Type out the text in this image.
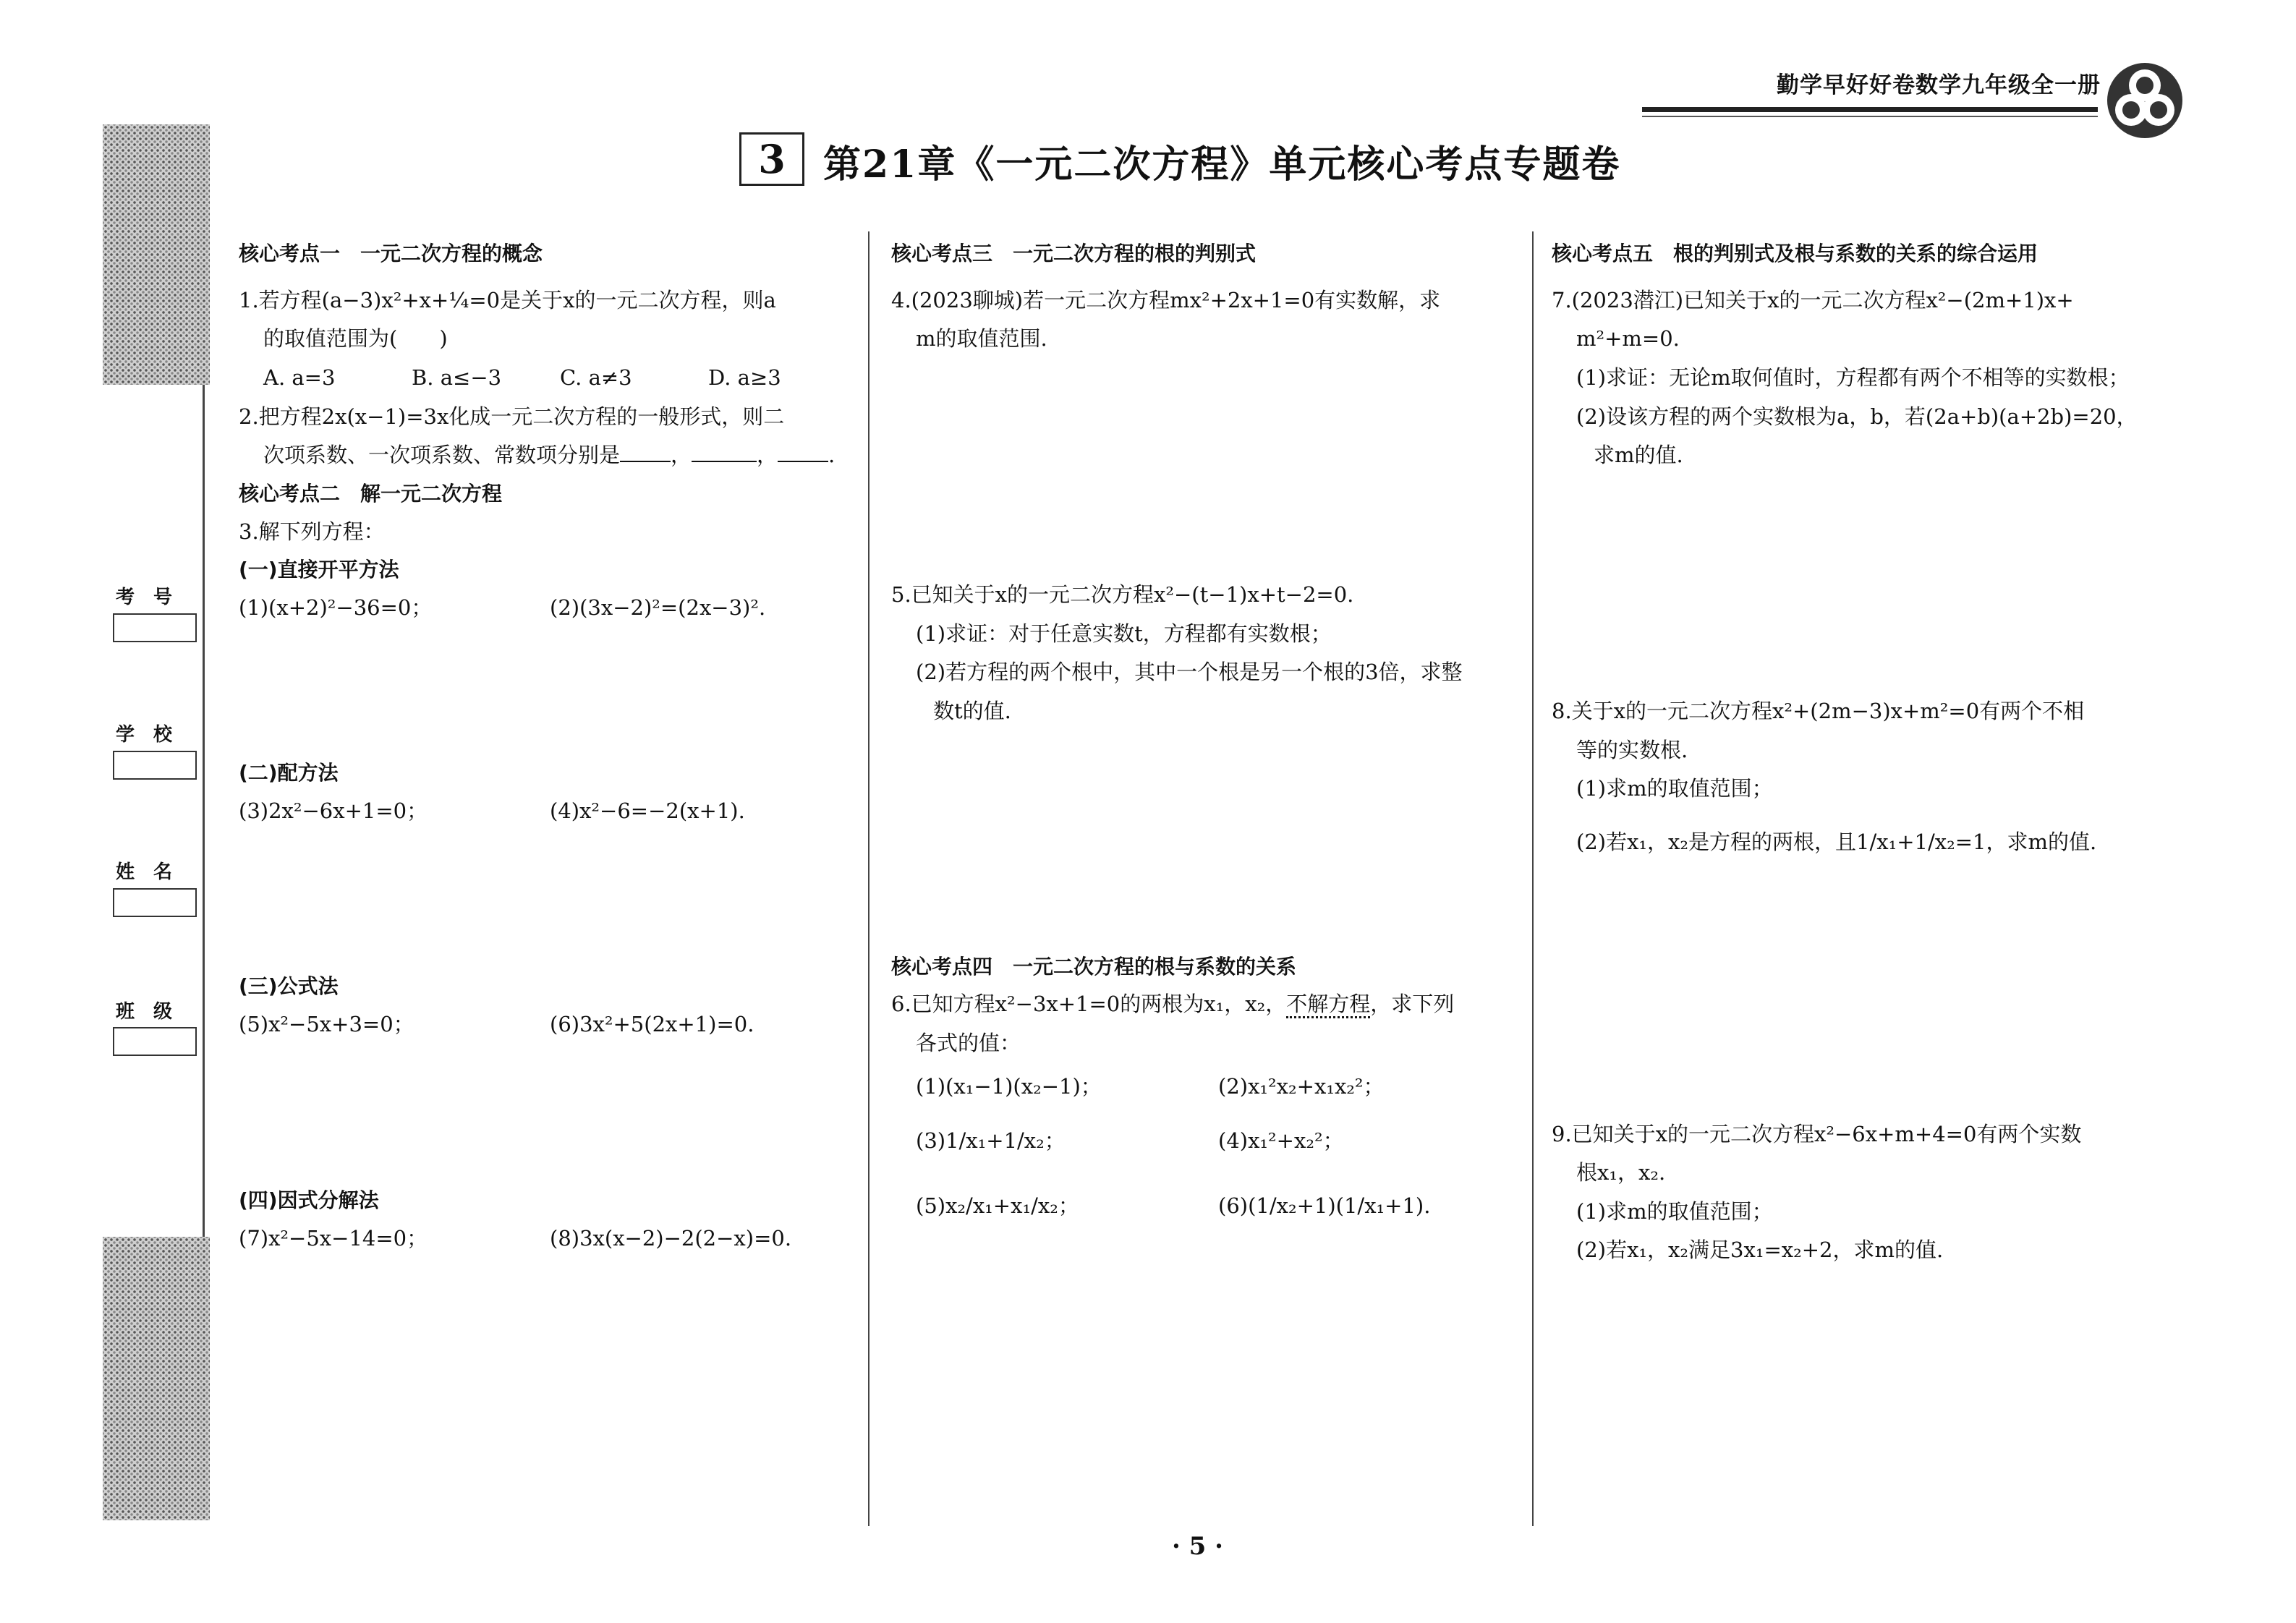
勤学早好好卷数学九年级全一册
3	第21章《一元二次方程》单元核心考点专题卷
考　号
学　校
姓　名
班　级
核心考点一　一元二次方程的概念
1.若方程(a−3)x²+x+¼=0是关于x的一元二次方程，则a
的取值范围为(　　)
A. a=3	B. a≤−3	C. a≠3	D. a≥3
2.把方程2x(x−1)=3x化成一元二次方程的一般形式，则二
次项系数、一次项系数、常数项分别是 ，	， .
核心考点二　解一元二次方程
3.解下列方程：
(一)直接开平方法
(1)(x+2)²−36=0；	(2)(3x−2)²=(2x−3)².
(二)配方法
(3)2x²−6x+1=0；	(4)x²−6=−2(x+1).
(三)公式法
(5)x²−5x+3=0；	(6)3x²+5(2x+1)=0.
(四)因式分解法
(7)x²−5x−14=0；	(8)3x(x−2)−2(2−x)=0.
核心考点三　一元二次方程的根的判别式
4.(2023聊城)若一元二次方程mx²+2x+1=0有实数解，求
m的取值范围.
5.已知关于x的一元二次方程x²−(t−1)x+t−2=0.
(1)求证：对于任意实数t，方程都有实数根；
(2)若方程的两个根中，其中一个根是另一个根的3倍，求整
数t的值.
核心考点四　一元二次方程的根与系数的关系
6.已知方程x²−3x+1=0的两根为x₁，x₂，不解方程，求下列
各式的值：
(1)(x₁−1)(x₂−1)；	(2)x₁²x₂+x₁x₂²；
(3)1/x₁+1/x₂；	(4)x₁²+x₂²；
(5)x₂/x₁+x₁/x₂；	(6)(1/x₂+1)(1/x₁+1).
核心考点五　根的判别式及根与系数的关系的综合运用
7.(2023潜江)已知关于x的一元二次方程x²−(2m+1)x+
m²+m=0.
(1)求证：无论m取何值时，方程都有两个不相等的实数根；
(2)设该方程的两个实数根为a，b，若(2a+b)(a+2b)=20，
求m的值.
8.关于x的一元二次方程x²+(2m−3)x+m²=0有两个不相
等的实数根.
(1)求m的取值范围；
(2)若x₁，x₂是方程的两根，且1/x₁+1/x₂=1，求m的值.
9.已知关于x的一元二次方程x²−6x+m+4=0有两个实数
根x₁，x₂.
(1)求m的取值范围；
(2)若x₁，x₂满足3x₁=x₂+2，求m的值.
· 5 ·
